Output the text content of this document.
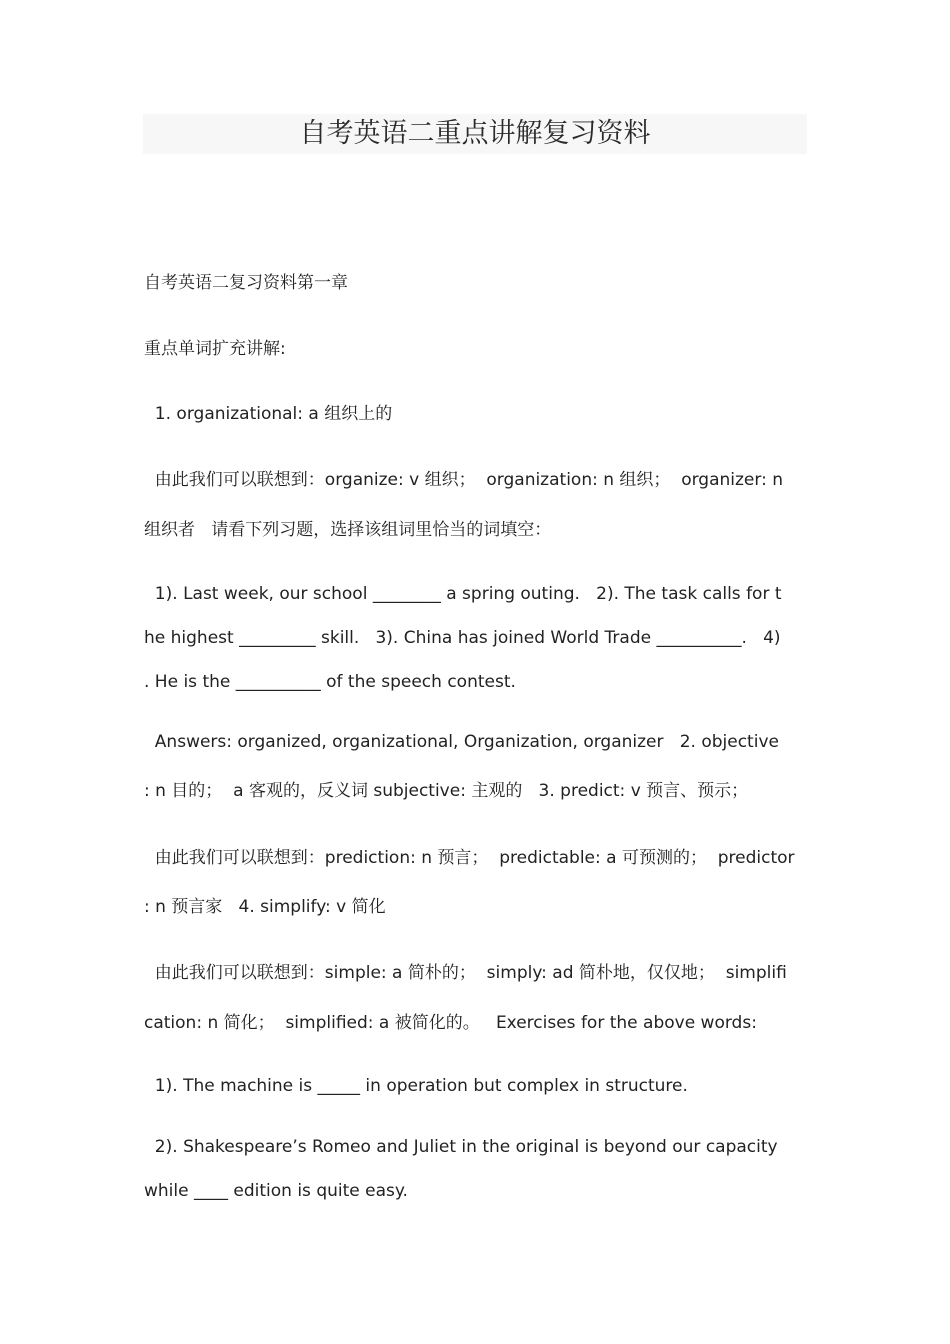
自考英语二重点讲解复习资料
自考英语二复习资料第一章
重点单词扩充讲解:
1. organizational: a 组织上的
由此我们可以联想到：organize: v 组织；  organization: n 组织；  organizer: n
组织者   请看下列习题，选择该组词里恰当的词填空：
1). Last week, our school ________ a spring outing.   2). The task calls for t
he highest _________ skill.   3). China has joined World Trade __________.   4)
. He is the __________ of the speech contest.
Answers: organized, organizational, Organization, organizer   2. objective
: n 目的；  a 客观的，反义词 subjective: 主观的   3. predict: v 预言、预示；
由此我们可以联想到：prediction: n 预言；  predictable: a 可预测的；  predictor
: n 预言家   4. simplify: v 简化
由此我们可以联想到：simple: a 简朴的；  simply: ad 简朴地，仅仅地；  simplifi
cation: n 简化；  simplified: a 被简化的。   Exercises for the above words:
1). The machine is _____ in operation but complex in structure.
2). Shakespeare’s Romeo and Juliet in the original is beyond our capacity
while ____ edition is quite easy.
